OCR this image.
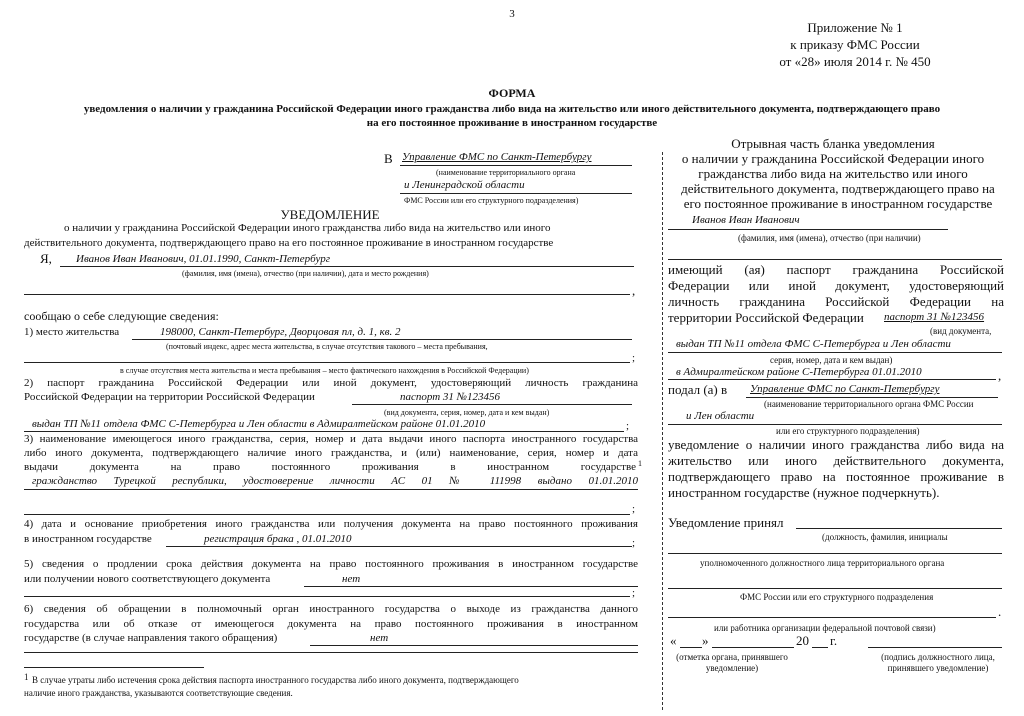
3
Приложение № 1
к приказу ФМС России
от «28» июля 2014 г. № 450
ФОРМА
уведомления о наличии у гражданина Российской Федерации иного гражданства либо вида на жительство или иного действительного документа, подтверждающего право
на его постоянное проживание в иностранном государстве
В Управление ФМС по Санкт-Петербургу
(наименование территориального органа
и Ленинградской области
ФМС России или его структурного подразделения)
УВЕДОМЛЕНИЕ
о наличии у гражданина Российской Федерации иного гражданства либо вида на жительство или иного
действительного документа, подтверждающего право на его постоянное проживание в иностранном государстве
Я, Иванов Иван Иванович, 01.01.1990, Санкт-Петербург
(фамилия, имя (имена), отчество (при наличии), дата и место рождения)
,
сообщаю о себе следующие сведения:
1) место жительства	198000, Санкт-Петербург, Дворцовая пл, д. 1, кв. 2
(почтовый индекс, адрес места жительства, в случае отсутствия такового – места пребывания,
;
в случае отсутствия места жительства и места пребывания – место фактического нахождения в Российской Федерации)
2) паспорт гражданина Российской Федерации или иной документ, удостоверяющий личность гражданина
Российской Федерации на территории Российской Федерации	паспорт 31 №123456
(вид документа, серия, номер, дата и кем выдан)
выдан ТП №11 отдела ФМС С-Петербурга и Лен области в Адмиралтейском районе 01.01.2010	;
3) наименование имеющегося иного гражданства, серия, номер и дата выдачи иного паспорта иностранного государства
либо иного документа, подтверждающего наличие иного гражданства, и (или) наименование, серия, номер и дата
выдачи документа на право постоянного проживания в иностранном государстве 1
гражданство Турецкой республики, удостоверение личности АС 01 № 111998 выдано 01.01.2010
;
4) дата и основание приобретения иного гражданства или получения документа на право постоянного проживания
в иностранном государстве	регистрация брака , 01.01.2010	;
5) сведения о продлении срока действия документа на право постоянного проживания в иностранном государстве
или получении нового соответствующего документа	нет
;
6) сведения об обращении в полномочный орган иностранного государства о выходе из гражданства данного
государства или об отказе от имеющегося документа на право постоянного проживания в иностранном
государстве (в случае направления такого обращения)	нет
1 В случае утраты либо истечения срока действия паспорта иностранного государства либо иного документа, подтверждающего
наличие иного гражданства, указываются соответствующие сведения.
Отрывная часть бланка уведомления
о наличии у гражданина Российской Федерации иного
гражданства либо вида на жительство или иного
действительного документа, подтверждающего право на
его постоянное проживание в иностранном государстве
Иванов Иван Иванович
(фамилия, имя (имена), отчество (при наличии)
имеющий (ая) паспорт гражданина Российской
Федерации или иной документ, удостоверяющий
личность гражданина Российской Федерации на
территории Российской Федерации паспорт 31 №123456
(вид документа,
выдан ТП №11 отдела ФМС С-Петербурга и Лен области
серия, номер, дата и кем выдан)
в Адмиралтейском районе С-Петербурга 01.01.2010	,
подал (а) в Управление ФМС по Санкт-Петербургу
(наименование территориального органа ФМС России
и Лен области
или его структурного подразделения)
уведомление о наличии иного гражданства либо вида на
жительство или иного действительного документа,
подтверждающего право на постоянное проживание в
иностранном государстве (нужное подчеркнуть).
Уведомление принял
(должность, фамилия, инициалы
уполномоченного должностного лица территориального органа
ФМС России или его структурного подразделения
.
или работника организации федеральной почтовой связи)
« »	20 г.
(отметка органа, принявшего
уведомление)
(подпись должностного лица,
принявшего уведомление)
